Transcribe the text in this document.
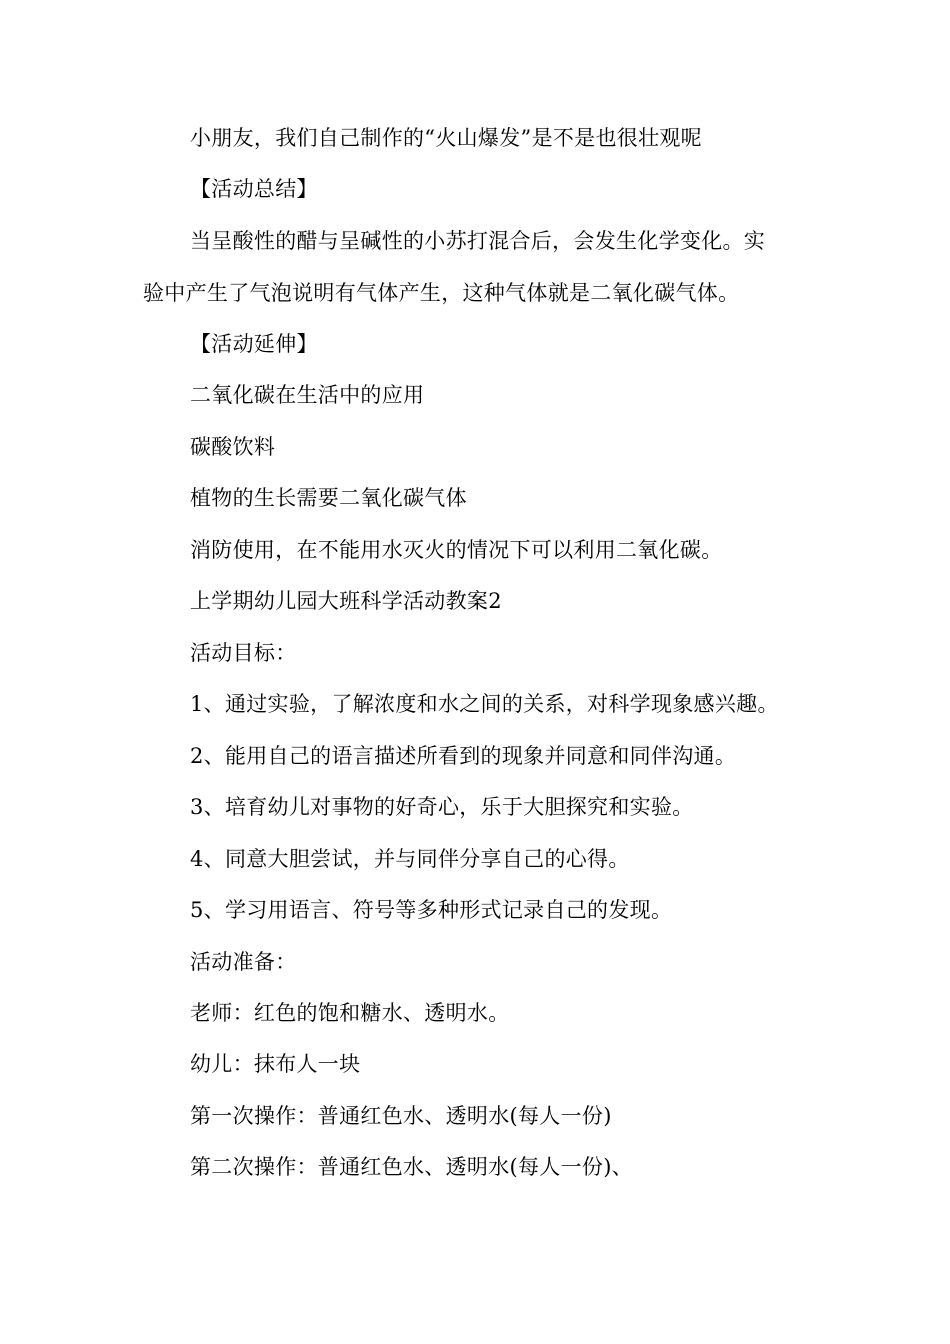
小朋友，我们自己制作的“火山爆发”是不是也很壮观呢
【活动总结】
当呈酸性的醋与呈碱性的小苏打混合后，会发生化学变化。实
验中产生了气泡说明有气体产生，这种气体就是二氧化碳气体。
【活动延伸】
二氧化碳在生活中的应用
碳酸饮料
植物的生长需要二氧化碳气体
消防使用，在不能用水灭火的情况下可以利用二氧化碳。
上学期幼儿园大班科学活动教案2
活动目标：
1、通过实验，了解浓度和水之间的关系，对科学现象感兴趣。
2、能用自己的语言描述所看到的现象并同意和同伴沟通。
3、培育幼儿对事物的好奇心，乐于大胆探究和实验。
4、同意大胆尝试，并与同伴分享自己的心得。
5、学习用语言、符号等多种形式记录自己的发现。
活动准备：
老师：红色的饱和糖水、透明水。
幼儿：抹布人一块
第一次操作：普通红色水、透明水(每人一份)
第二次操作：普通红色水、透明水(每人一份)、
